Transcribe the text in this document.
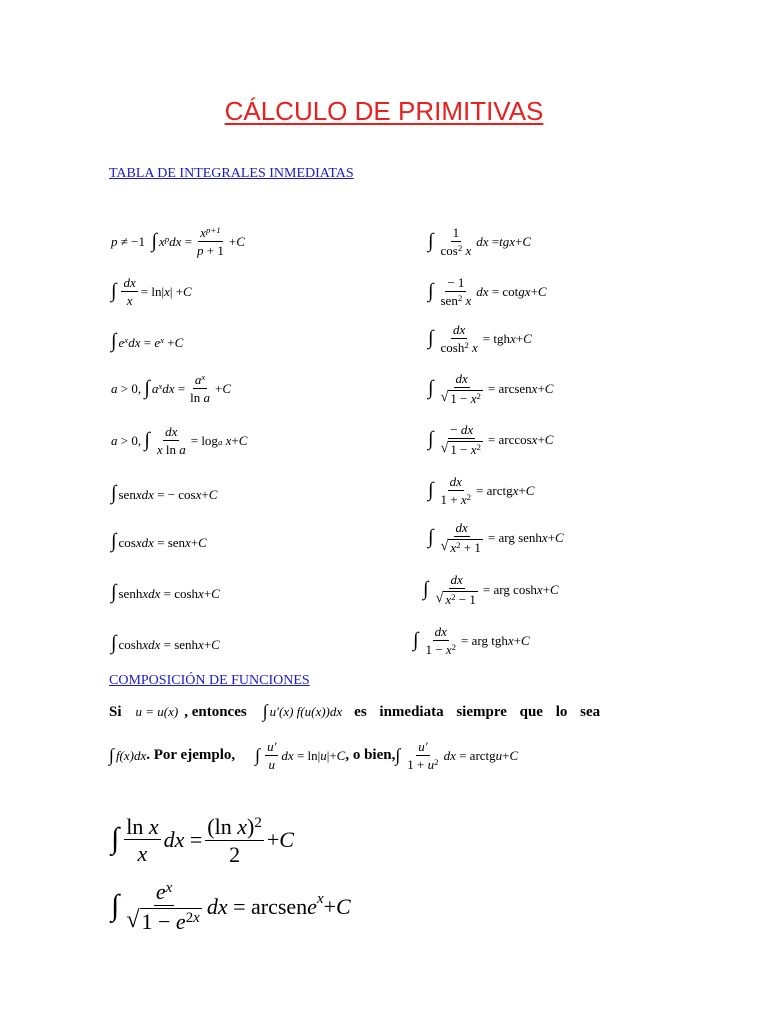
CÁLCULO DE PRIMITIVAS
TABLA DE INTEGRALES INMEDIATAS
p ≠ −1 ∫ $x^pdx$ =
$x^{p+1}$
p + 1
+ C
∫ dx
x
= ln| x | + C
∫ $e^xdx = e^x + C$
a > 0, ∫ $a^xdx$ =
$a^x$
ln a
+ C
a > 0, ∫ dx
x ln a
= $\log_a$
x + C
∫ sen xdx = − cos x + C
∫ cos xdx = sen x + C
∫ senh xdx = cosh x + C
∫ cosh xdx = senh x + C
∫ 1
$\cos^2 x$
dx = tgx + C
∫ − 1
sen$^2$ x
dx = cot gx + C
∫ dx
$\cosh^2 x$
= tgh x + C
∫ dx
√ $1 - x^2$ = arcsen x + C
∫ − dx
√ $1 - x^2 = \arccos x + C$
∫ dx
$1 + x^2$ = arctg x + C
∫ dx
√ $x^2 + 1$
= arg senh x + C
∫ dx
√ $x^2 - 1$
= arg cosh x + C
∫ dx
$1 - x^2$ = arg tgh x + C
COMPOSICIÓN DE FUNCIONES
Si u = u(x) , entonces ∫ u′(x) f(u(x))dx es inmediata siempre que lo sea
∫ f(x)dx . Por ejemplo, ∫ u′
u
dx = ln| u |+ C , o bien, ∫ u′
$1 + u^2$ dx = arctg u + C
∫ ln x
x
dx =
(ln x)$^2$
2
+ C
∫ $e^x$
√ $1 - e^{2x}$ dx = arcsen $e^x + C$
